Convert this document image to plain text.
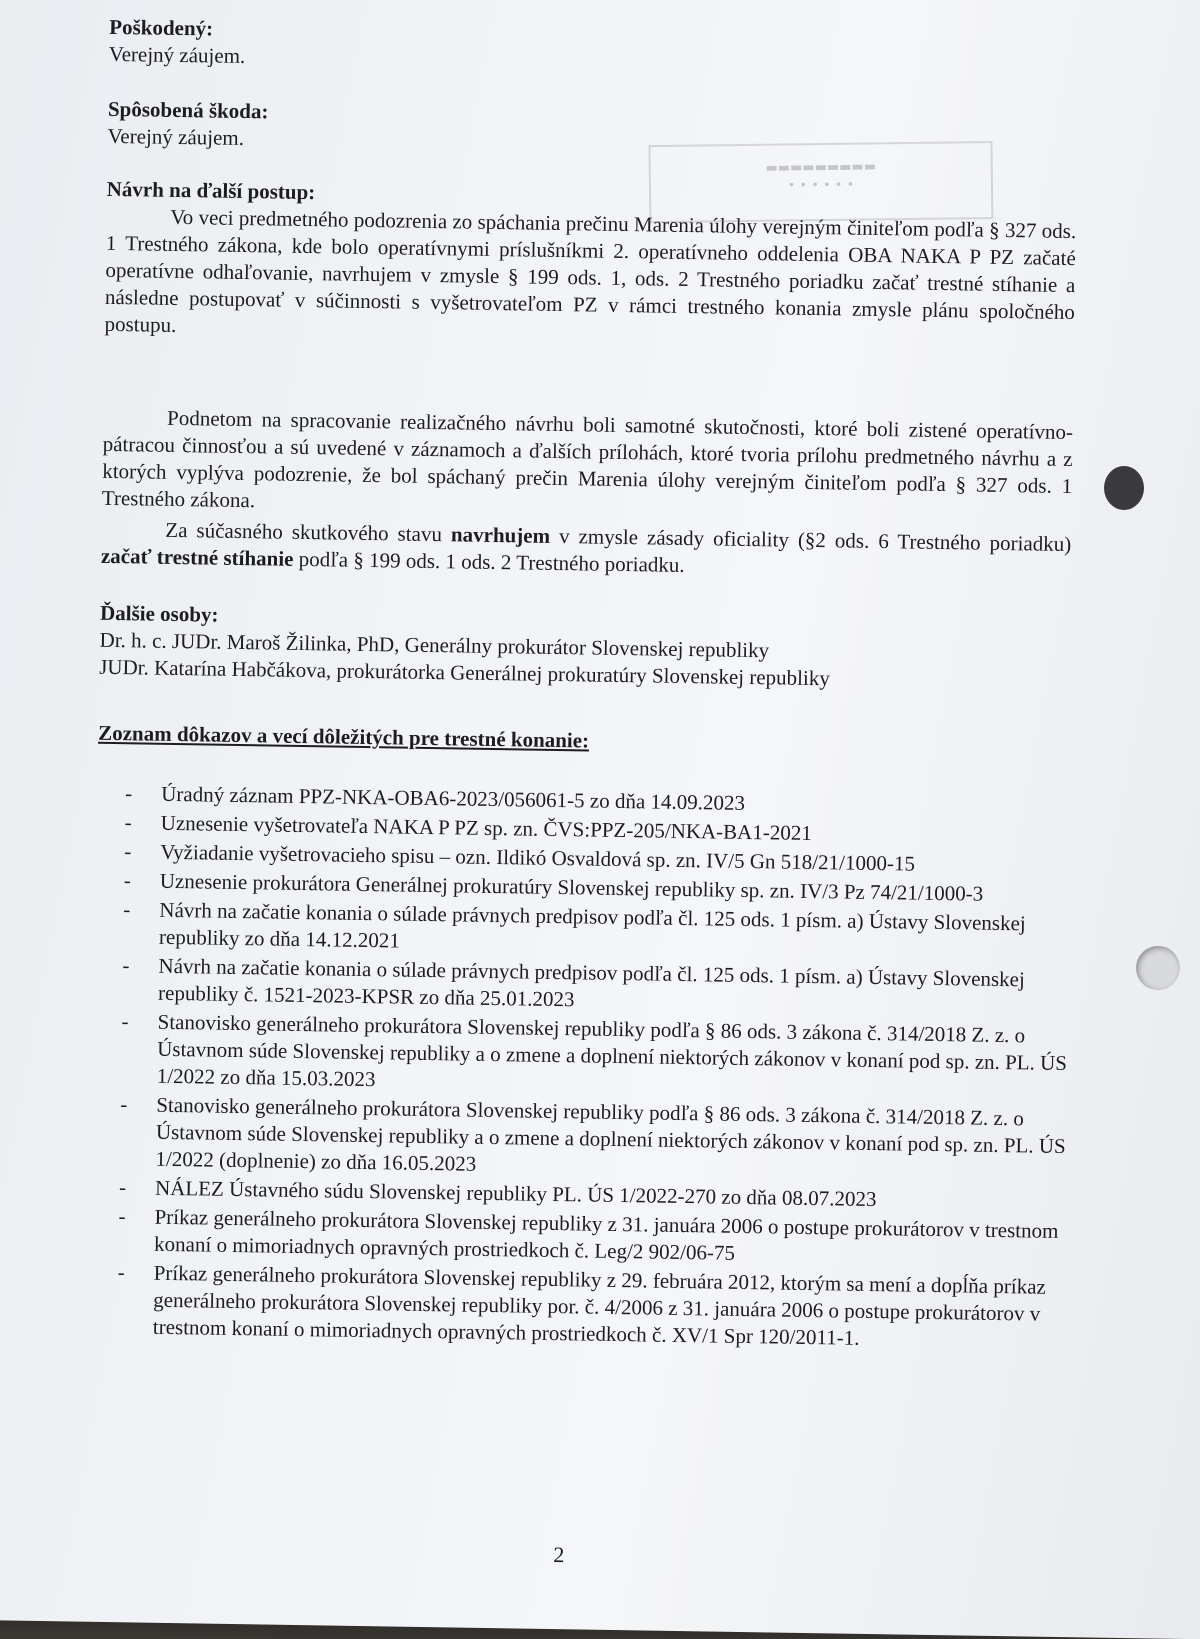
Poškodený:
Verejný záujem.
Spôsobená škoda:
Verejný záujem.
Návrh na ďalší postup:
Vo veci predmetného podozrenia zo spáchania prečinu Marenia úlohy verejným činiteľom podľa § 327 ods. 1 Trestného zákona, kde bolo operatívnymi príslušníkmi 2. operatívneho oddelenia OBA NAKA P PZ začaté operatívne odhaľovanie, navrhujem v zmysle § 199 ods. 1, ods. 2 Trestného poriadku začať trestné stíhanie a následne postupovať v súčinnosti s vyšetrovateľom PZ v rámci trestného konania zmysle plánu spoločného postupu.
Podnetom na spracovanie realizačného návrhu boli samotné skutočnosti, ktoré boli zistené operatívno-pátracou činnosťou a sú uvedené v záznamoch a ďalších prílohách, ktoré tvoria prílohu predmetného návrhu a z ktorých vyplýva podozrenie, že bol spáchaný prečin Marenia úlohy verejným činiteľom podľa § 327 ods. 1 Trestného zákona.
Za súčasného skutkového stavu navrhujem v zmysle zásady oficiality (§2 ods. 6 Trestného poriadku) začať trestné stíhanie podľa § 199 ods. 1 ods. 2 Trestného poriadku.
Ďalšie osoby:
Dr. h. c. JUDr. Maroš Žilinka, PhD, Generálny prokurátor Slovenskej republiky
JUDr. Katarína Habčákova, prokurátorka Generálnej prokuratúry Slovenskej republiky
Zoznam dôkazov a vecí dôležitých pre trestné konanie:
- Úradný záznam PPZ-NKA-OBA6-2023/056061-5 zo dňa 14.09.2023
- Uznesenie vyšetrovateľa NAKA P PZ sp. zn. ČVS:PPZ-205/NKA-BA1-2021
- Vyžiadanie vyšetrovacieho spisu – ozn. Ildikó Osvaldová sp. zn. IV/5 Gn 518/21/1000-15
- Uznesenie prokurátora Generálnej prokuratúry Slovenskej republiky sp. zn. IV/3 Pz 74/21/1000-3
- Návrh na začatie konania o súlade právnych predpisov podľa čl. 125 ods. 1 písm. a) Ústavy Slovenskej republiky zo dňa 14.12.2021
- Návrh na začatie konania o súlade právnych predpisov podľa čl. 125 ods. 1 písm. a) Ústavy Slovenskej republiky č. 1521-2023-KPSR zo dňa 25.01.2023
- Stanovisko generálneho prokurátora Slovenskej republiky podľa § 86 ods. 3 zákona č. 314/2018 Z. z. o Ústavnom súde Slovenskej republiky a o zmene a doplnení niektorých zákonov v konaní pod sp. zn. PL. ÚS 1/2022 zo dňa 15.03.2023
- Stanovisko generálneho prokurátora Slovenskej republiky podľa § 86 ods. 3 zákona č. 314/2018 Z. z. o Ústavnom súde Slovenskej republiky a o zmene a doplnení niektorých zákonov v konaní pod sp. zn. PL. ÚS 1/2022 (doplnenie) zo dňa 16.05.2023
- NÁLEZ Ústavného súdu Slovenskej republiky PL. ÚS 1/2022-270 zo dňa 08.07.2023
- Príkaz generálneho prokurátora Slovenskej republiky z 31. januára 2006 o postupe prokurátorov v trestnom konaní o mimoriadnych opravných prostriedkoch č. Leg/2 902/06-75
- Príkaz generálneho prokurátora Slovenskej republiky z 29. februára 2012, ktorým sa mení a dopĺňa príkaz generálneho prokurátora Slovenskej republiky por. č. 4/2006 z 31. januára 2006 o postupe prokurátorov v trestnom konaní o mimoriadnych opravných prostriedkoch č. XV/1 Spr 120/2011-1.
2
▬▬▬▬▬▬▬▬▬
• • • • • •
